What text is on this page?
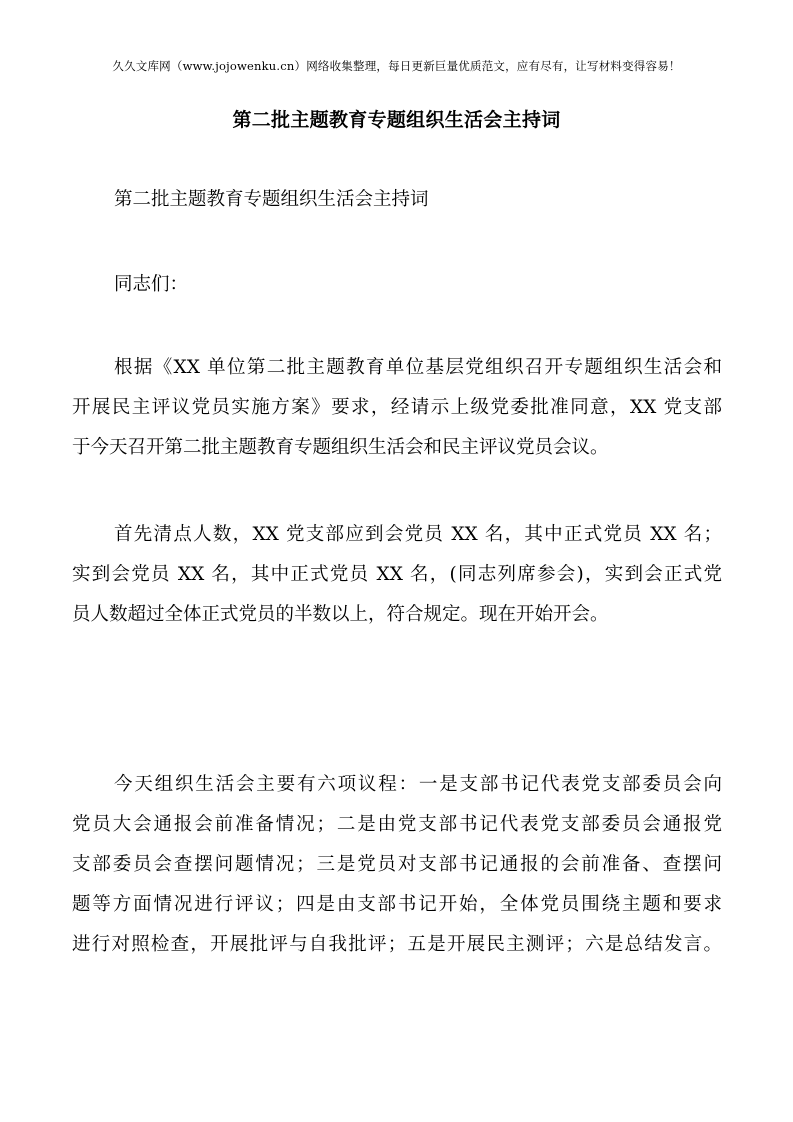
久久文库网（www.jojowenku.cn）网络收集整理，每日更新巨量优质范文，应有尽有，让写材料变得容易！
第二批主题教育专题组织生活会主持词

第二批主题教育专题组织生活会主持词

同志们：

根据《XX 单位第二批主题教育单位基层党组织召开专题组织生活会和
开展民主评议党员实施方案》要求，经请示上级党委批准同意，XX 党支部
于今天召开第二批主题教育专题组织生活会和民主评议党员会议。

首先清点人数，XX 党支部应到会党员 XX 名，其中正式党员 XX 名；
实到会党员 XX 名，其中正式党员 XX 名，(同志列席参会)，实到会正式党
员人数超过全体正式党员的半数以上，符合规定。现在开始开会。

今天组织生活会主要有六项议程：一是支部书记代表党支部委员会向
党员大会通报会前准备情况；二是由党支部书记代表党支部委员会通报党
支部委员会查摆问题情况；三是党员对支部书记通报的会前准备、查摆问
题等方面情况进行评议；四是由支部书记开始，全体党员围绕主题和要求
进行对照检查，开展批评与自我批评；五是开展民主测评；六是总结发言。
